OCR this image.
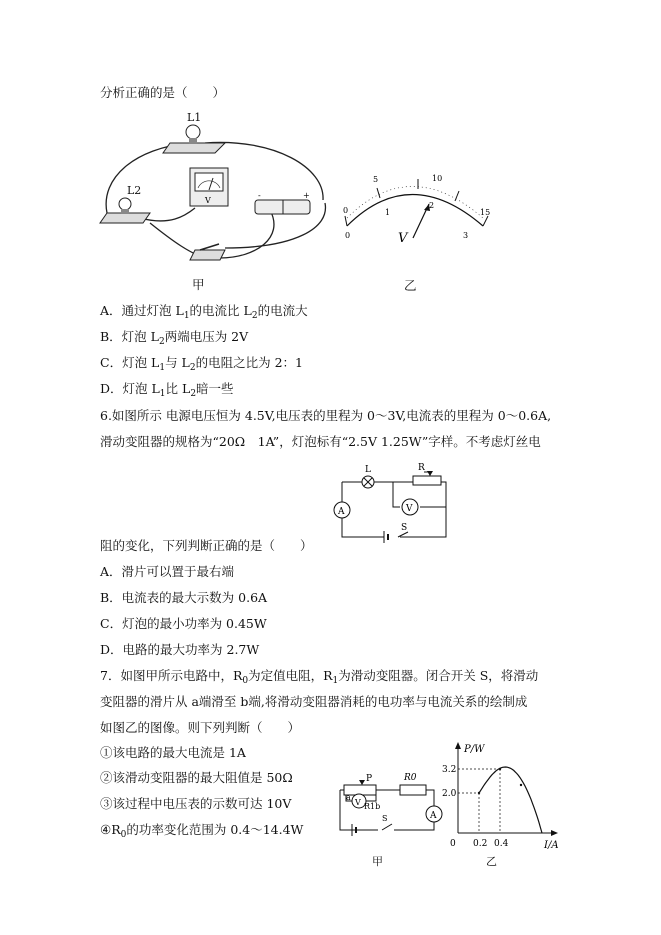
分析正确的是（　　）
V
-	+
L1
L2
V
0
5	10
15
0
1
2
3
甲	乙
A．通过灯泡 $L_1$的电流比 $L_2$的电流大
B．灯泡 $L_2$两端电压为 2V
C．灯泡 $L_1$与 $L_2$的电阻之比为 2：1
D．灯泡 $L_1$比 $L_2$暗一些
6.如图所示 电源电压恒为 4.5V,电压表的里程为 0～3V,电流表的里程为 0～0.6A,
滑动变阻器的规格为“20Ω　1A”，灯泡标有“2.5V 1.25W”字样。不考虑灯丝电
L	R
V
A
S
阻的变化，下列判断正确的是（　　）
A．滑片可以置于最右端
B．电流表的最大示数为 0.6A
C．灯泡的最小功率为 0.45W
D．电路的最大功率为 2.7W
7．如图甲所示电路中，$R_0$为定值电阻，$R_1$为滑动变阻器。闭合开关 S，将滑动
变阻器的滑片从 a端滑至 b端,将滑动变阻器消耗的电功率与电流关系的绘制成
如图乙的图像。则下列判断（　　）
①该电路的最大电流是 1A
②该滑动变阻器的最大阻值是 50Ω
③该过程中电压表的示数可达 10V
$④R_0$的功率变化范围为 0.4～14.4W
P	R0
a
R1b
V
A
S
甲
P/W
I/A
0
3.2
2.0
0.2 0.4
乙
